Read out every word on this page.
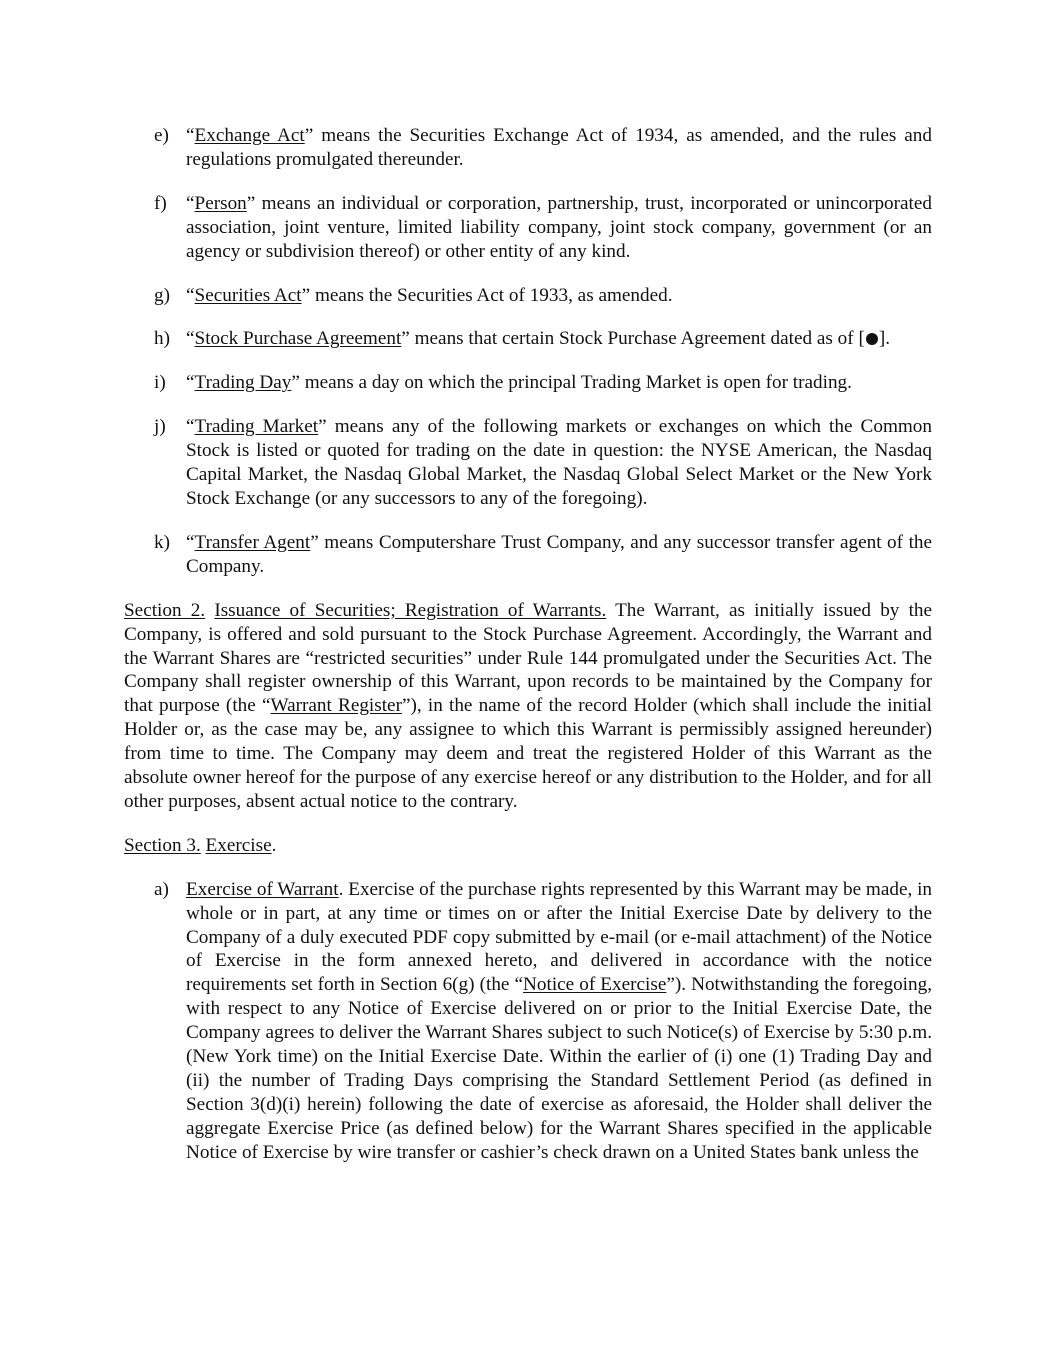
e) “Exchange Act” means the Securities Exchange Act of 1934, as amended, and the rules and regulations promulgated thereunder.
f) “Person” means an individual or corporation, partnership, trust, incorporated or unincorporated association, joint venture, limited liability company, joint stock company, government (or an agency or subdivision thereof) or other entity of any kind.
g) “Securities Act” means the Securities Act of 1933, as amended.
h) “Stock Purchase Agreement” means that certain Stock Purchase Agreement dated as of [ ].
i) “Trading Day” means a day on which the principal Trading Market is open for trading.
j) “Trading Market” means any of the following markets or exchanges on which the Common Stock is listed or quoted for trading on the date in question: the NYSE American, the Nasdaq Capital Market, the Nasdaq Global Market, the Nasdaq Global Select Market or the New York Stock Exchange (or any successors to any of the foregoing).
k) “Transfer Agent” means Computershare Trust Company, and any successor transfer agent of the Company.

Section 2. Issuance of Securities; Registration of Warrants. The Warrant, as initially issued by the Company, is offered and sold pursuant to the Stock Purchase Agreement. Accordingly, the Warrant and the Warrant Shares are “restricted securities” under Rule 144 promulgated under the Securities Act. The Company shall register ownership of this Warrant, upon records to be maintained by the Company for that purpose (the “Warrant Register”), in the name of the record Holder (which shall include the initial Holder or, as the case may be, any assignee to which this Warrant is permissibly assigned hereunder) from time to time. The Company may deem and treat the registered Holder of this Warrant as the absolute owner hereof for the purpose of any exercise hereof or any distribution to the Holder, and for all other purposes, absent actual notice to the contrary.

Section 3. Exercise.

a) Exercise of Warrant. Exercise of the purchase rights represented by this Warrant may be made, in whole or in part, at any time or times on or after the Initial Exercise Date by delivery to the Company of a duly executed PDF copy submitted by e-mail (or e-mail attachment) of the Notice of Exercise in the form annexed hereto, and delivered in accordance with the notice requirements set forth in Section 6(g) (the “Notice of Exercise”). Notwithstanding the foregoing, with respect to any Notice of Exercise delivered on or prior to the Initial Exercise Date, the Company agrees to deliver the Warrant Shares subject to such Notice(s) of Exercise by 5:30 p.m. (New York time) on the Initial Exercise Date. Within the earlier of (i) one (1) Trading Day and (ii) the number of Trading Days comprising the Standard Settlement Period (as defined in Section 3(d)(i) herein) following the date of exercise as aforesaid, the Holder shall deliver the aggregate Exercise Price (as defined below) for the Warrant Shares specified in the applicable Notice of Exercise by wire transfer or cashier’s check drawn on a United States bank unless the
